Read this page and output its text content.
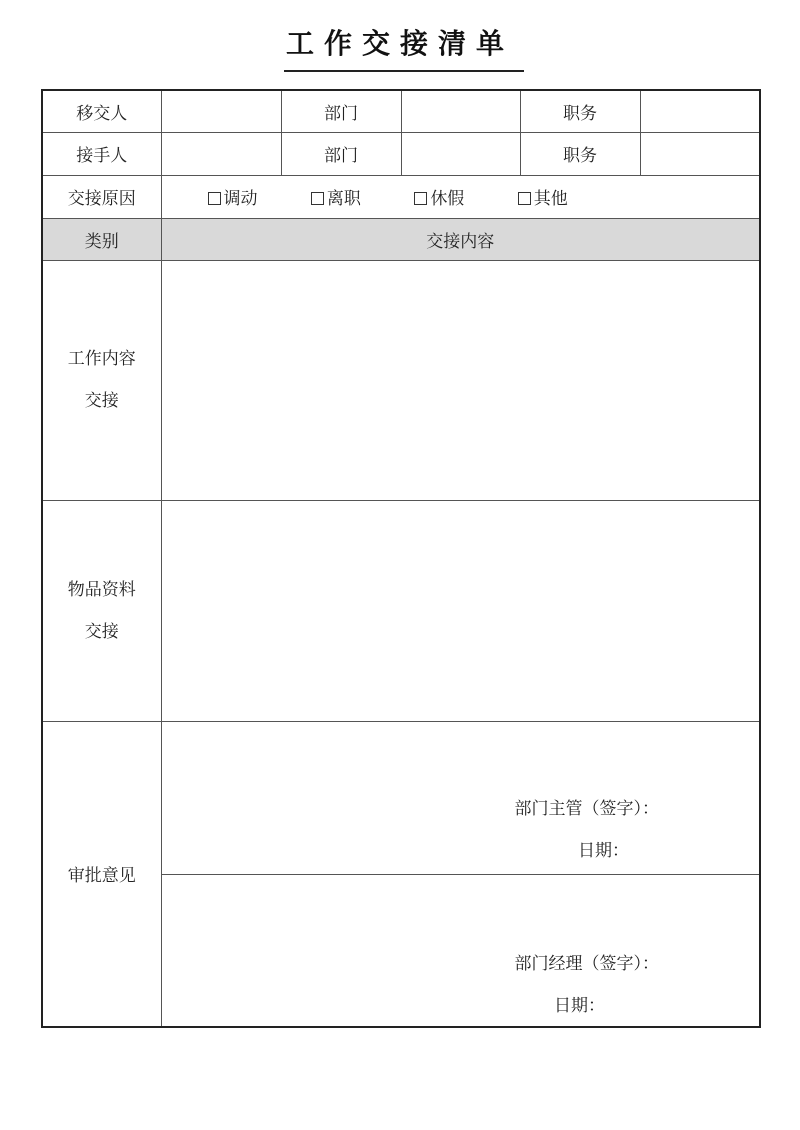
工作交接清单
移交人		部门		职务	
接手人		部门		职务	
交接原因	调动 离职 休假 其他				
类别	交接内容				

工作内容
交接					

物品资料
交接					

审批意见	部门主管（签字）：
日期：				

	部门经理（签字）：
日期：				
